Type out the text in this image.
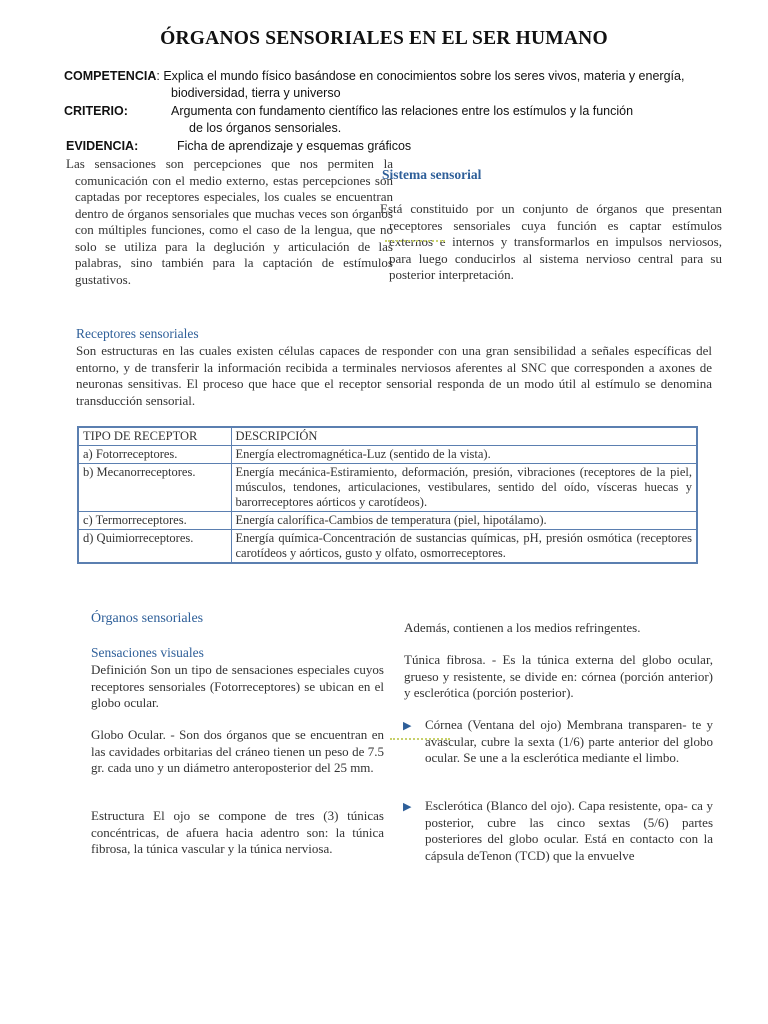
ÓRGANOS SENSORIALES EN EL SER HUMANO
COMPETENCIA: Explica el mundo físico basándose en conocimientos sobre los seres vivos, materia y energía,
biodiversidad, tierra y universo
CRITERIO:	Argumenta con fundamento científico las relaciones entre los estímulos y la función
de los órganos sensoriales.
EVIDENCIA:	Ficha de aprendizaje y esquemas gráficos
Las sensaciones son percepciones que nos permiten la comunicación con el medio externo, estas percepciones son captadas por receptores especiales, los cuales se encuentran dentro de órganos sensoriales que muchas veces son órganos con múltiples funciones, como el caso de la lengua, que no solo se utiliza para la deglución y articulación de las palabras, sino también para la captación de estímulos gustativos.
Sistema sensorial
Está constituido por un conjunto de órganos que presentan receptores sensoriales cuya función es captar estímulos externos e internos y transformarlos en impulsos nerviosos, para luego conducirlos al sistema nervioso central para su posterior interpretación.
Receptores sensoriales
Son estructuras en las cuales existen células capaces de responder con una gran sensibilidad a señales específicas del entorno, y de transferir la información recibida a terminales nerviosos aferentes al SNC que corresponden a axones de neuronas sensitivas. El proceso que hace que el receptor sensorial responda de un modo útil al estímulo se denomina transducción sensorial.
TIPO DE RECEPTOR	DESCRIPCIÓN
a) Fotorreceptores.	Energía electromagnética-Luz (sentido de la vista).
b) Mecanorreceptores.	Energía mecánica-Estiramiento, deformación, presión, vibraciones (receptores de la piel, músculos, tendones, articulaciones, vestibulares, sentido del oído, vísceras huecas y barorreceptores aórticos y carotídeos).
c) Termorreceptores.	Energía calorífica-Cambios de temperatura (piel, hipotálamo).
d) Quimiorreceptores.	Energía química-Concentración de sustancias químicas, pH, presión osmótica (receptores carotídeos y aórticos, gusto y olfato, osmorreceptores.
Órganos sensoriales
Sensaciones visuales
Definición Son un tipo de sensaciones especiales cuyos receptores sensoriales (Fotorreceptores) se ubican en el globo ocular.
Globo Ocular. - Son dos órganos que se encuentran en las cavidades orbitarias del cráneo tienen un peso de 7.5 gr. cada uno y un diámetro anteroposterior del 25 mm.
Estructura El ojo se compone de tres (3) túnicas concéntricas, de afuera hacia adentro son: la túnica fibrosa, la túnica vascular y la túnica nerviosa.
Además, contienen a los medios refringentes.
Túnica fibrosa. - Es la túnica externa del globo ocular, grueso y resistente, se divide en: córnea (porción anterior) y esclerótica (porción posterior).
▶ Córnea (Ventana del ojo) Membrana transparen- te y avascular, cubre la sexta (1/6) parte anterior del globo ocular. Se une a la esclerótica mediante el limbo.
▶ Esclerótica (Blanco del ojo). Capa resistente, opa- ca y posterior, cubre las cinco sextas (5/6) partes posteriores del globo ocular. Está en contacto con la cápsula deTenon (TCD) que la envuelve
